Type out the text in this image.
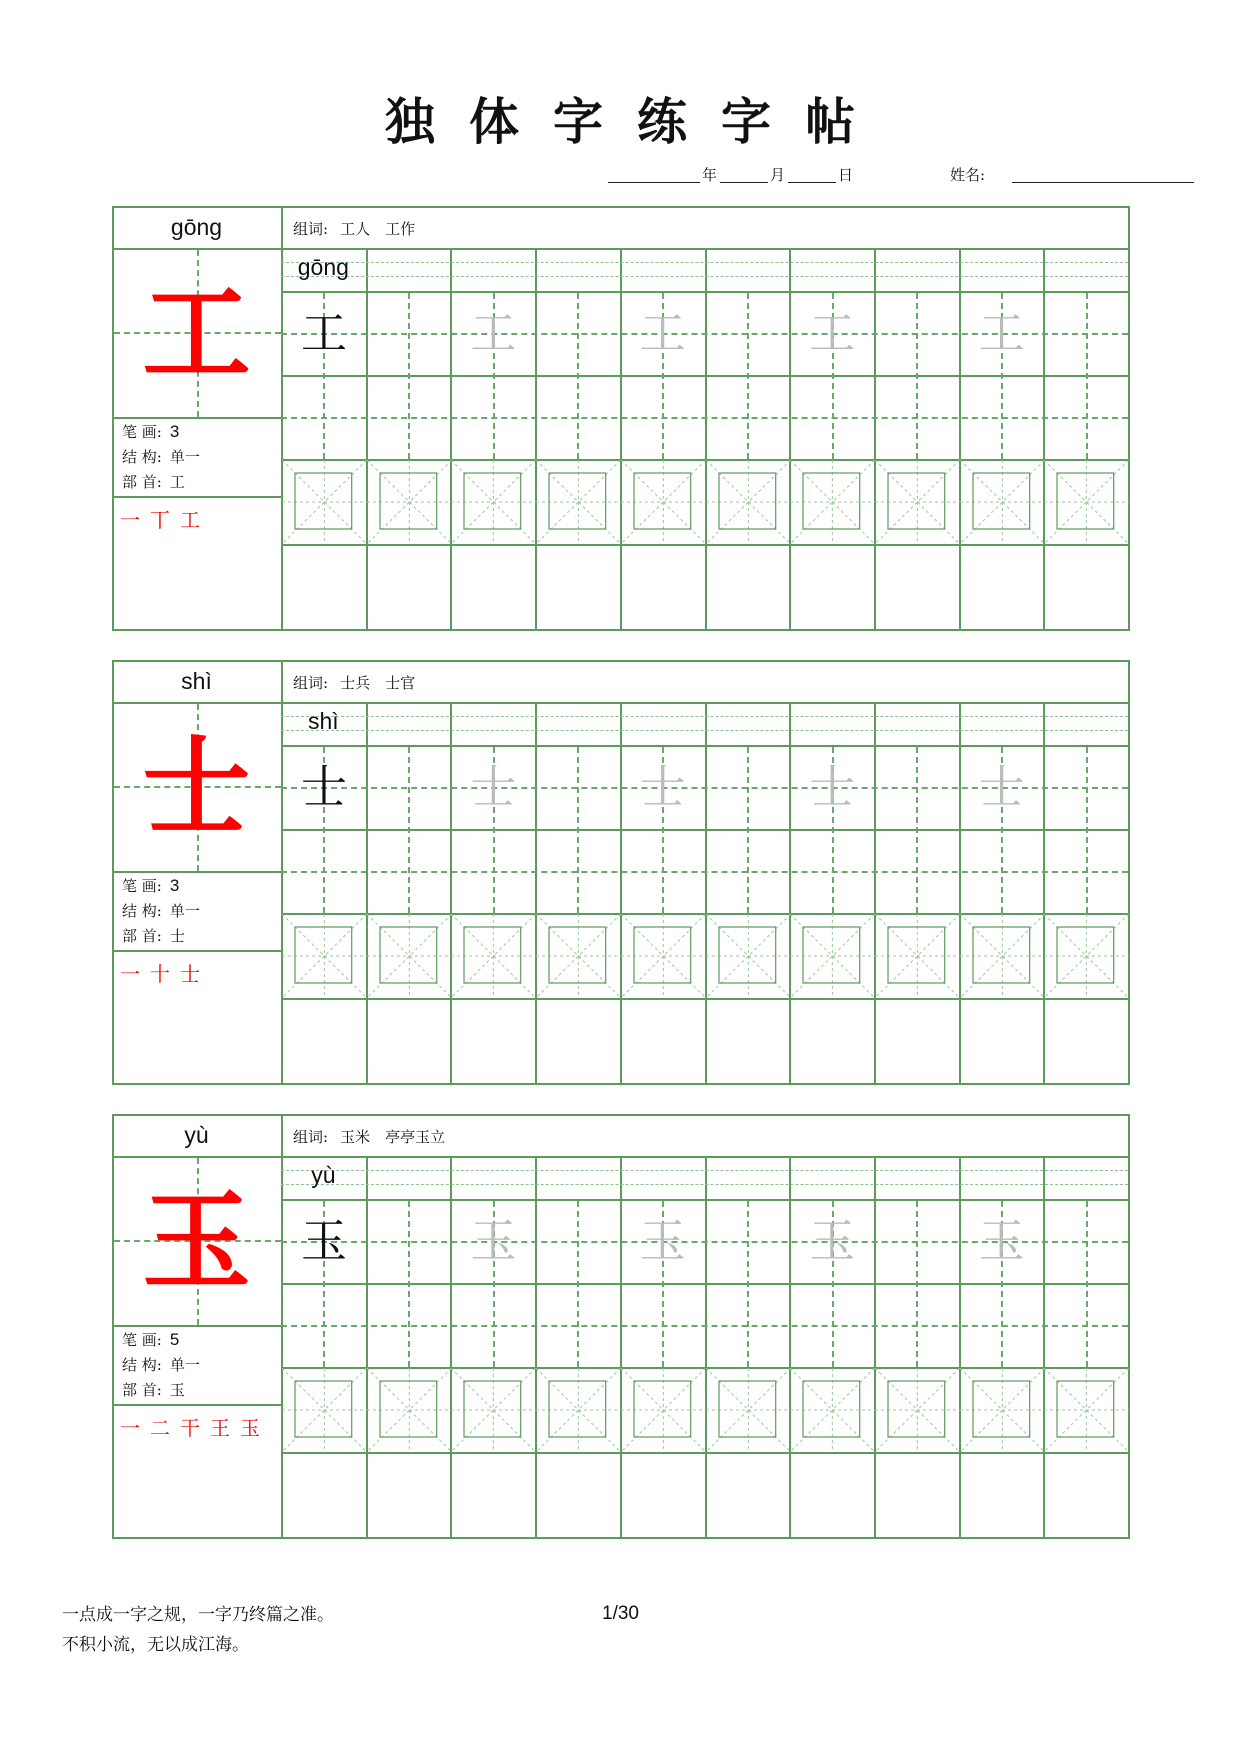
独体字练字帖
年	月	日	姓名:
gōng	组词: 工人　工作
工
笔 画: 3
结 构: 单一
部 首: 工
一 丅 工
gōng
工	工	工	工	工
shì	组词: 士兵　士官
士
笔 画: 3
结 构: 单一
部 首: 士
一 十 士
shì
士	士	士	士	士
yù	组词: 玉米　亭亭玉立
玉
笔 画: 5
结 构: 单一
部 首: 玉
一 二 干 王 玉
yù
玉	玉	玉	玉	玉
一点成一字之规，一字乃终篇之准。
不积小流，无以成江海。
1/30
